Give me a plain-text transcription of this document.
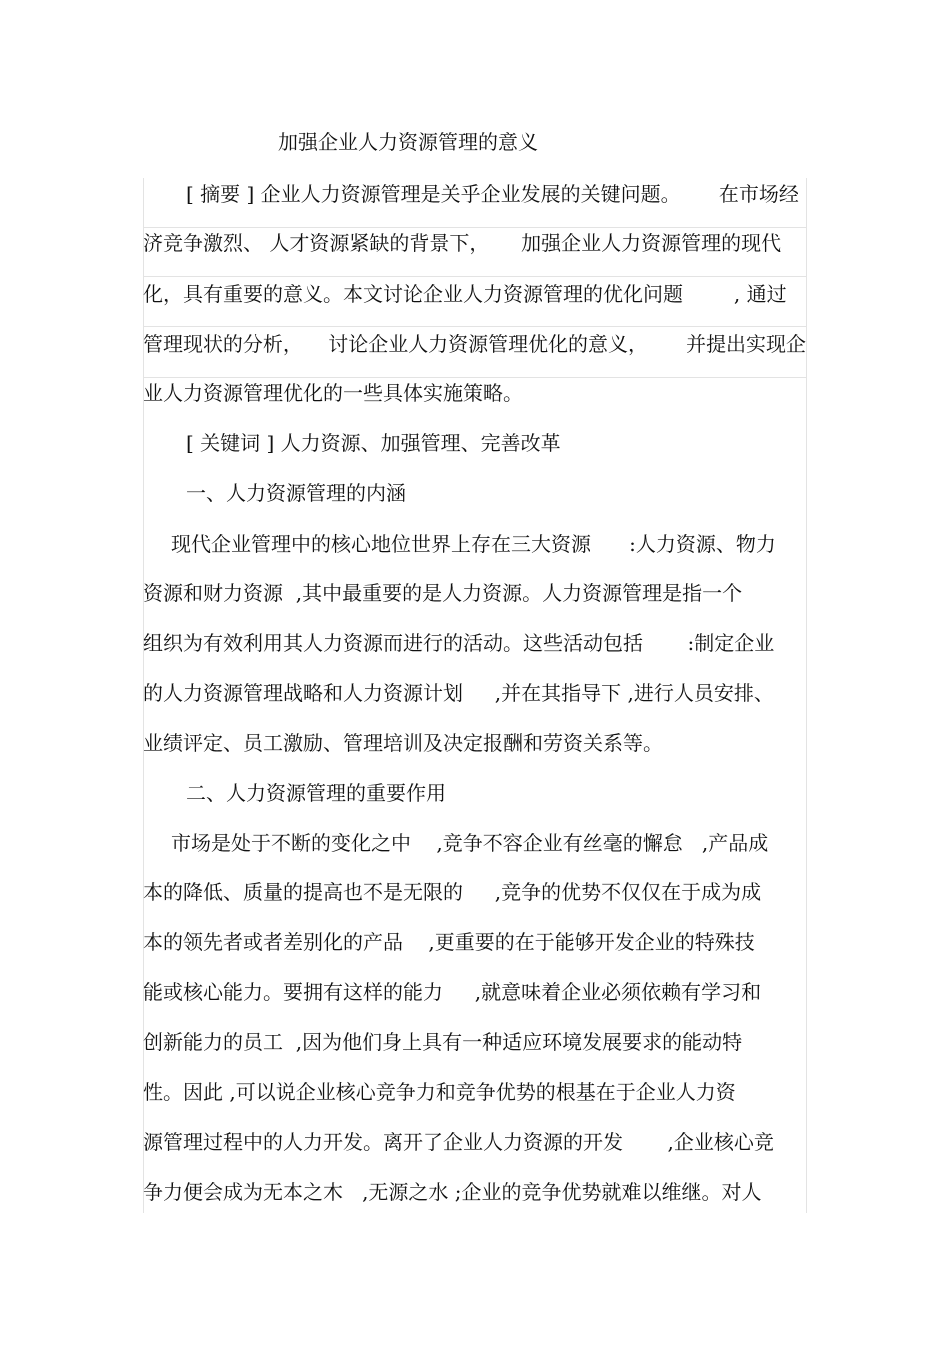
加强企业人力资源管理的意义
[ 摘要 ] 企业人力资源管理是关乎企业发展的关键问题。      在市场经
济竞争激烈、 人才资源紧缺的背景下，     加强企业人力资源管理的现代
化，具有重要的意义。本文讨论企业人力资源管理的优化问题        , 通过
管理现状的分析，    讨论企业人力资源管理优化的意义，      并提出实现企
业人力资源管理优化的一些具体实施策略。
[ 关键词 ] 人力资源、加强管理、完善改革
一、人力资源管理的内涵
现代企业管理中的核心地位世界上存在三大资源      :人力资源、物力
资源和财力资源  ,其中最重要的是人力资源。人力资源管理是指一个
组织为有效利用其人力资源而进行的活动。这些活动包括       :制定企业
的人力资源管理战略和人力资源计划     ,并在其指导下 ,进行人员安排、
业绩评定、员工激励、管理培训及决定报酬和劳资关系等。
二、人力资源管理的重要作用
市场是处于不断的变化之中    ,竞争不容企业有丝毫的懈怠   ,产品成
本的降低、质量的提高也不是无限的     ,竞争的优势不仅仅在于成为成
本的领先者或者差别化的产品    ,更重要的在于能够开发企业的特殊技
能或核心能力。要拥有这样的能力     ,就意味着企业必须依赖有学习和
创新能力的员工  ,因为他们身上具有一种适应环境发展要求的能动特
性。因此 ,可以说企业核心竞争力和竞争优势的根基在于企业人力资
源管理过程中的人力开发。离开了企业人力资源的开发       ,企业核心竞
争力便会成为无本之木   ,无源之水 ;企业的竞争优势就难以维继。对人
